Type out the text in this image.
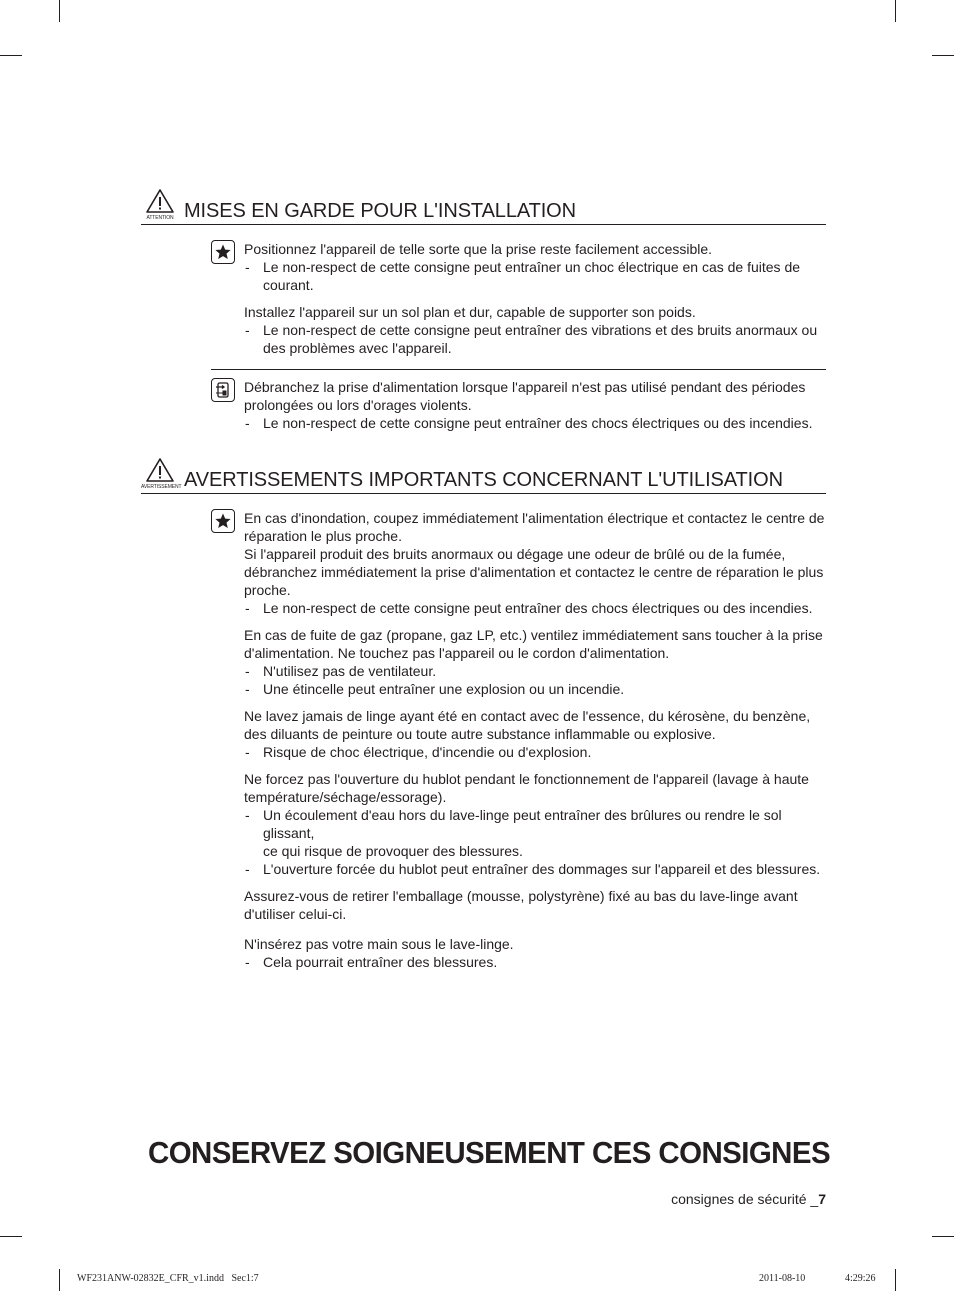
ATTENTION MISES EN GARDE POUR L'INSTALLATION

Positionnez l'appareil de telle sorte que la prise reste facilement accessible.

- Le non-respect de cette consigne peut entraîner un choc électrique en cas de fuites de courant.

Installez l'appareil sur un sol plan et dur, capable de supporter son poids.

- Le non-respect de cette consigne peut entraîner des vibrations et des bruits anormaux ou des problèmes avec l'appareil.

Débranchez la prise d'alimentation lorsque l'appareil n'est pas utilisé pendant des périodes prolongées ou lors d'orages violents.

- Le non-respect de cette consigne peut entraîner des chocs électriques ou des incendies.

AVERTISSEMENT AVERTISSEMENTS IMPORTANTS CONCERNANT L'UTILISATION

En cas d'inondation, coupez immédiatement l'alimentation électrique et contactez le centre de réparation le plus proche.

Si l'appareil produit des bruits anormaux ou dégage une odeur de brûlé ou de la fumée, débranchez immédiatement la prise d'alimentation et contactez le centre de réparation le plus proche.

- Le non-respect de cette consigne peut entraîner des chocs électriques ou des incendies.

En cas de fuite de gaz (propane, gaz LP, etc.) ventilez immédiatement sans toucher à la prise d'alimentation. Ne touchez pas l'appareil ou le cordon d'alimentation.

- N'utilisez pas de ventilateur.

- Une étincelle peut entraîner une explosion ou un incendie.

Ne lavez jamais de linge ayant été en contact avec de l'essence, du kérosène, du benzène, des diluants de peinture ou toute autre substance inflammable ou explosive.

- Risque de choc électrique, d'incendie ou d'explosion.

Ne forcez pas l'ouverture du hublot pendant le fonctionnement de l'appareil (lavage à haute température/séchage/essorage).

- Un écoulement d'eau hors du lave-linge peut entraîner des brûlures ou rendre le sol glissant,

ce qui risque de provoquer des blessures.

- L'ouverture forcée du hublot peut entraîner des dommages sur l'appareil et des blessures.

Assurez-vous de retirer l'emballage (mousse, polystyrène) fixé au bas du lave-linge avant d'utiliser celui-ci.

N'insérez pas votre main sous le lave-linge.

- Cela pourrait entraîner des blessures.

CONSERVEZ SOIGNEUSEMENT CES CONSIGNES
consignes de sécurité _7
WF231ANW-02832E_CFR_v1.indd   Sec1:7	2011-08-10	4:29:26
